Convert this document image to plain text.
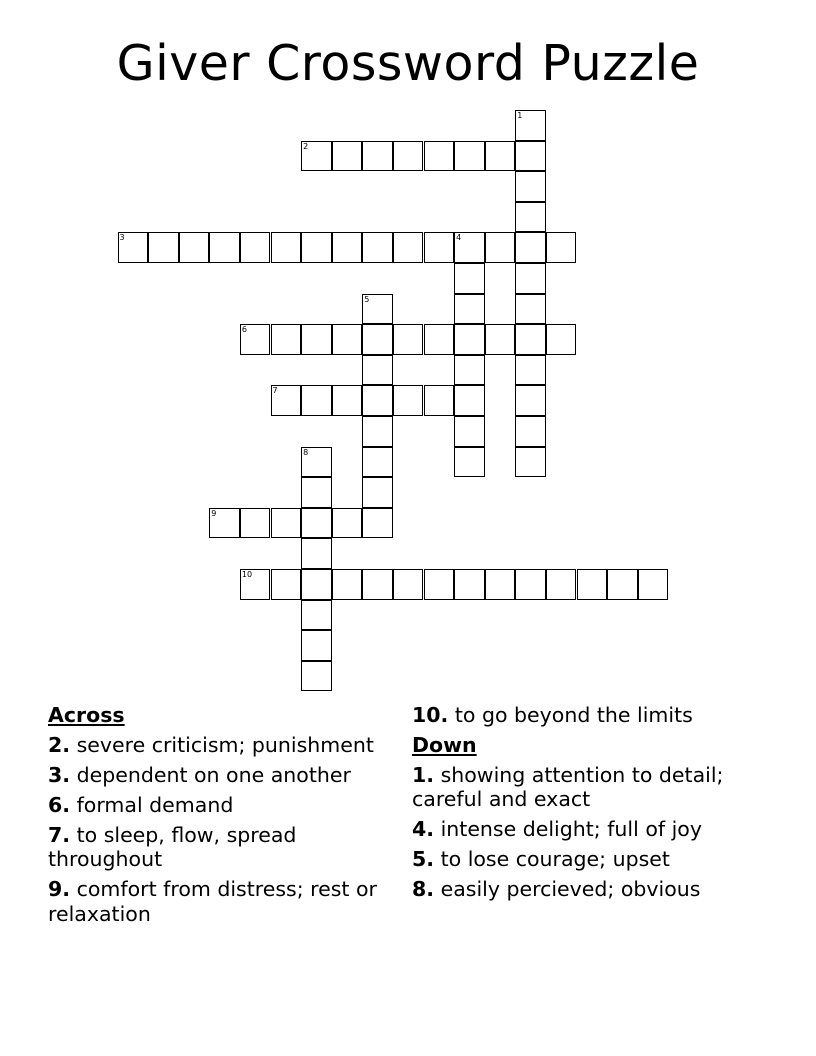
Giver Crossword Puzzle
1
2
3	4
5
6
7
8
9
10
Across
2. severe criticism; punishment
3. dependent on one another
6. formal demand
7. to sleep, flow, spread throughout
9. comfort from distress; rest or relaxation
10. to go beyond the limits
Down
1. showing attention to detail; careful and exact
4. intense delight; full of joy
5. to lose courage; upset
8. easily percieved; obvious
